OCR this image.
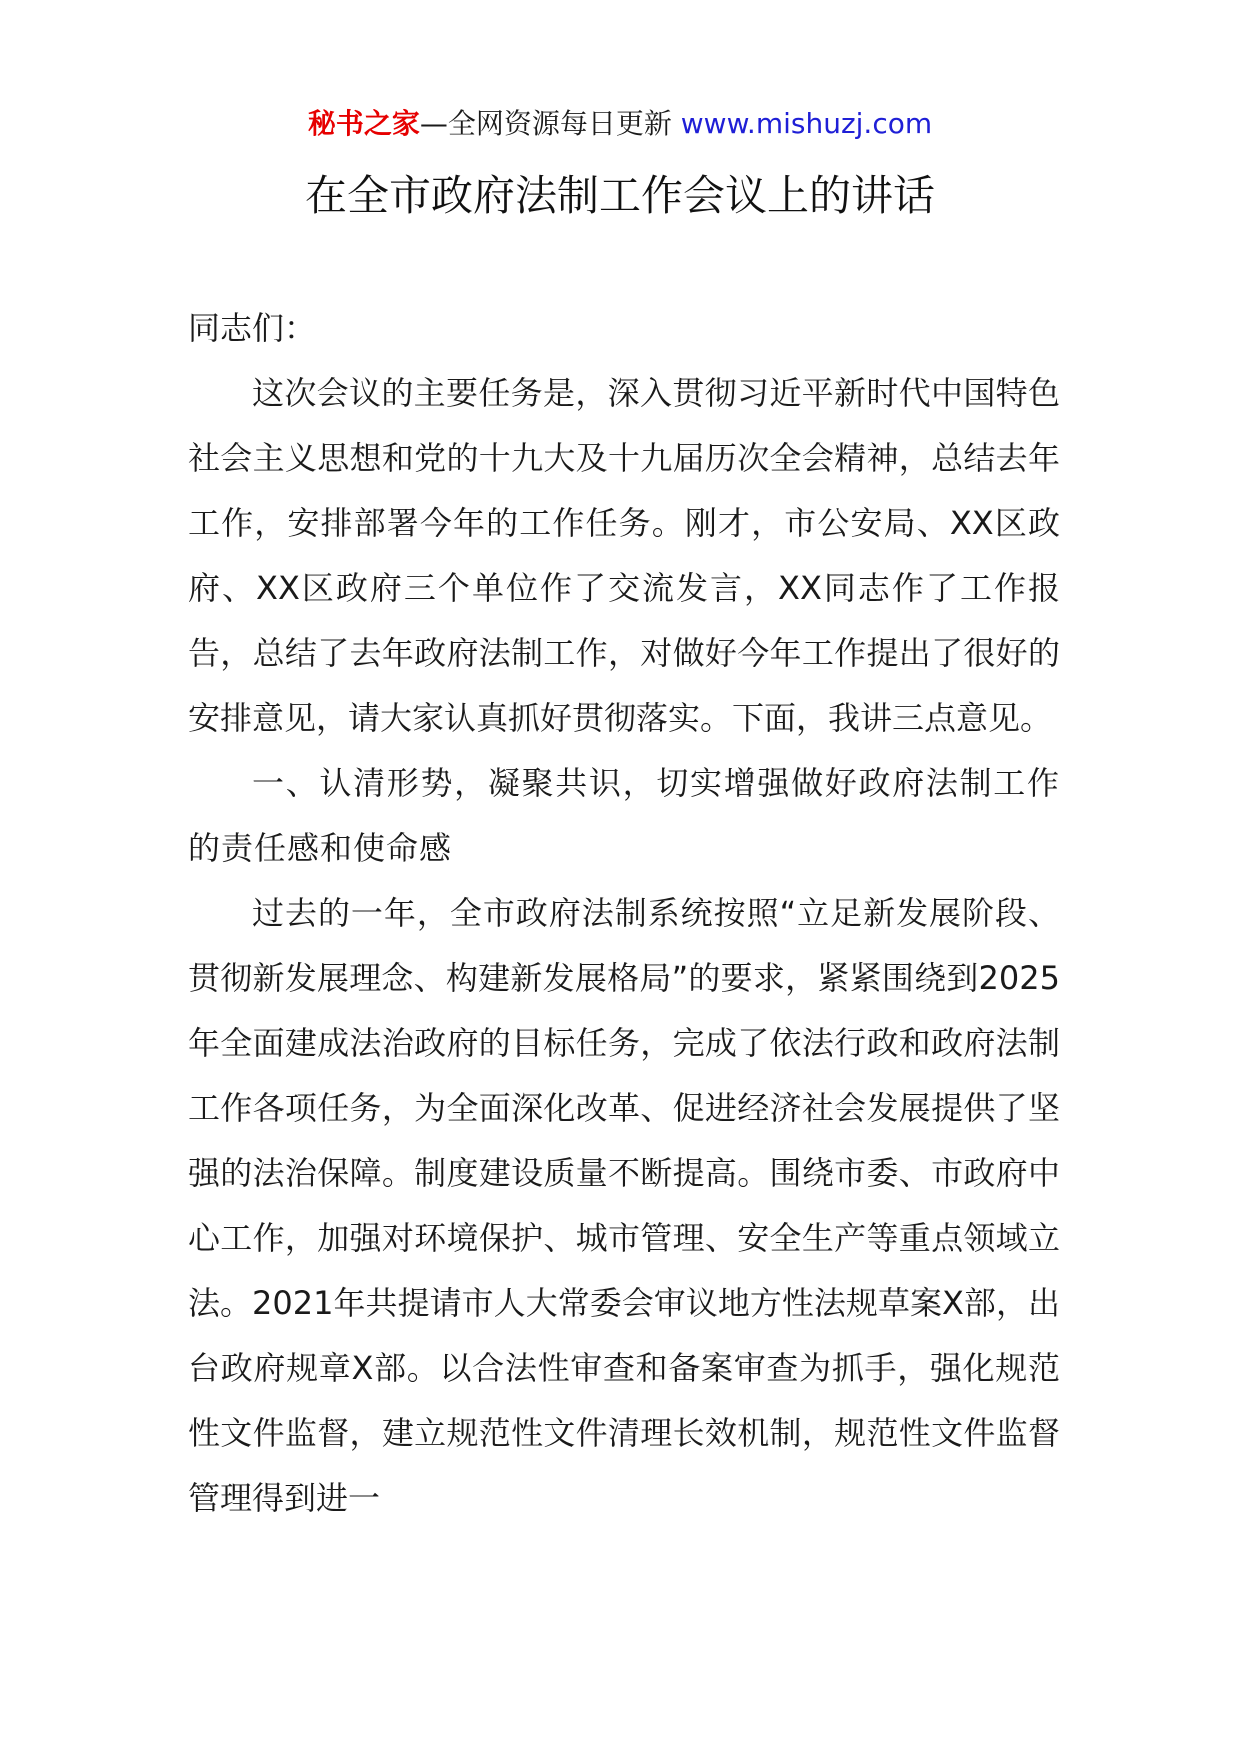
秘书之家—全网资源每日更新 www.mishuzj.com
在全市政府法制工作会议上的讲话

同志们：

这次会议的主要任务是，深入贯彻习近平新时代中国特色社会主义思想和党的十九大及十九届历次全会精神，总结去年工作，安排部署今年的工作任务。刚才，市公安局、XX区政府、XX区政府三个单位作了交流发言，XX同志作了工作报告，总结了去年政府法制工作，对做好今年工作提出了很好的安排意见，请大家认真抓好贯彻落实。下面，我讲三点意见。

一、认清形势，凝聚共识，切实增强做好政府法制工作的责任感和使命感

过去的一年，全市政府法制系统按照“立足新发展阶段、贯彻新发展理念、构建新发展格局”的要求，紧紧围绕到2025年全面建成法治政府的目标任务，完成了依法行政和政府法制工作各项任务，为全面深化改革、促进经济社会发展提供了坚强的法治保障。制度建设质量不断提高。围绕市委、市政府中心工作，加强对环境保护、城市管理、安全生产等重点领域立法。2021年共提请市人大常委会审议地方性法规草案X部，出台政府规章X部。以合法性审查和备案审查为抓手，强化规范性文件监督，建立规范性文件清理长效机制，规范性文件监督管理得到进一
